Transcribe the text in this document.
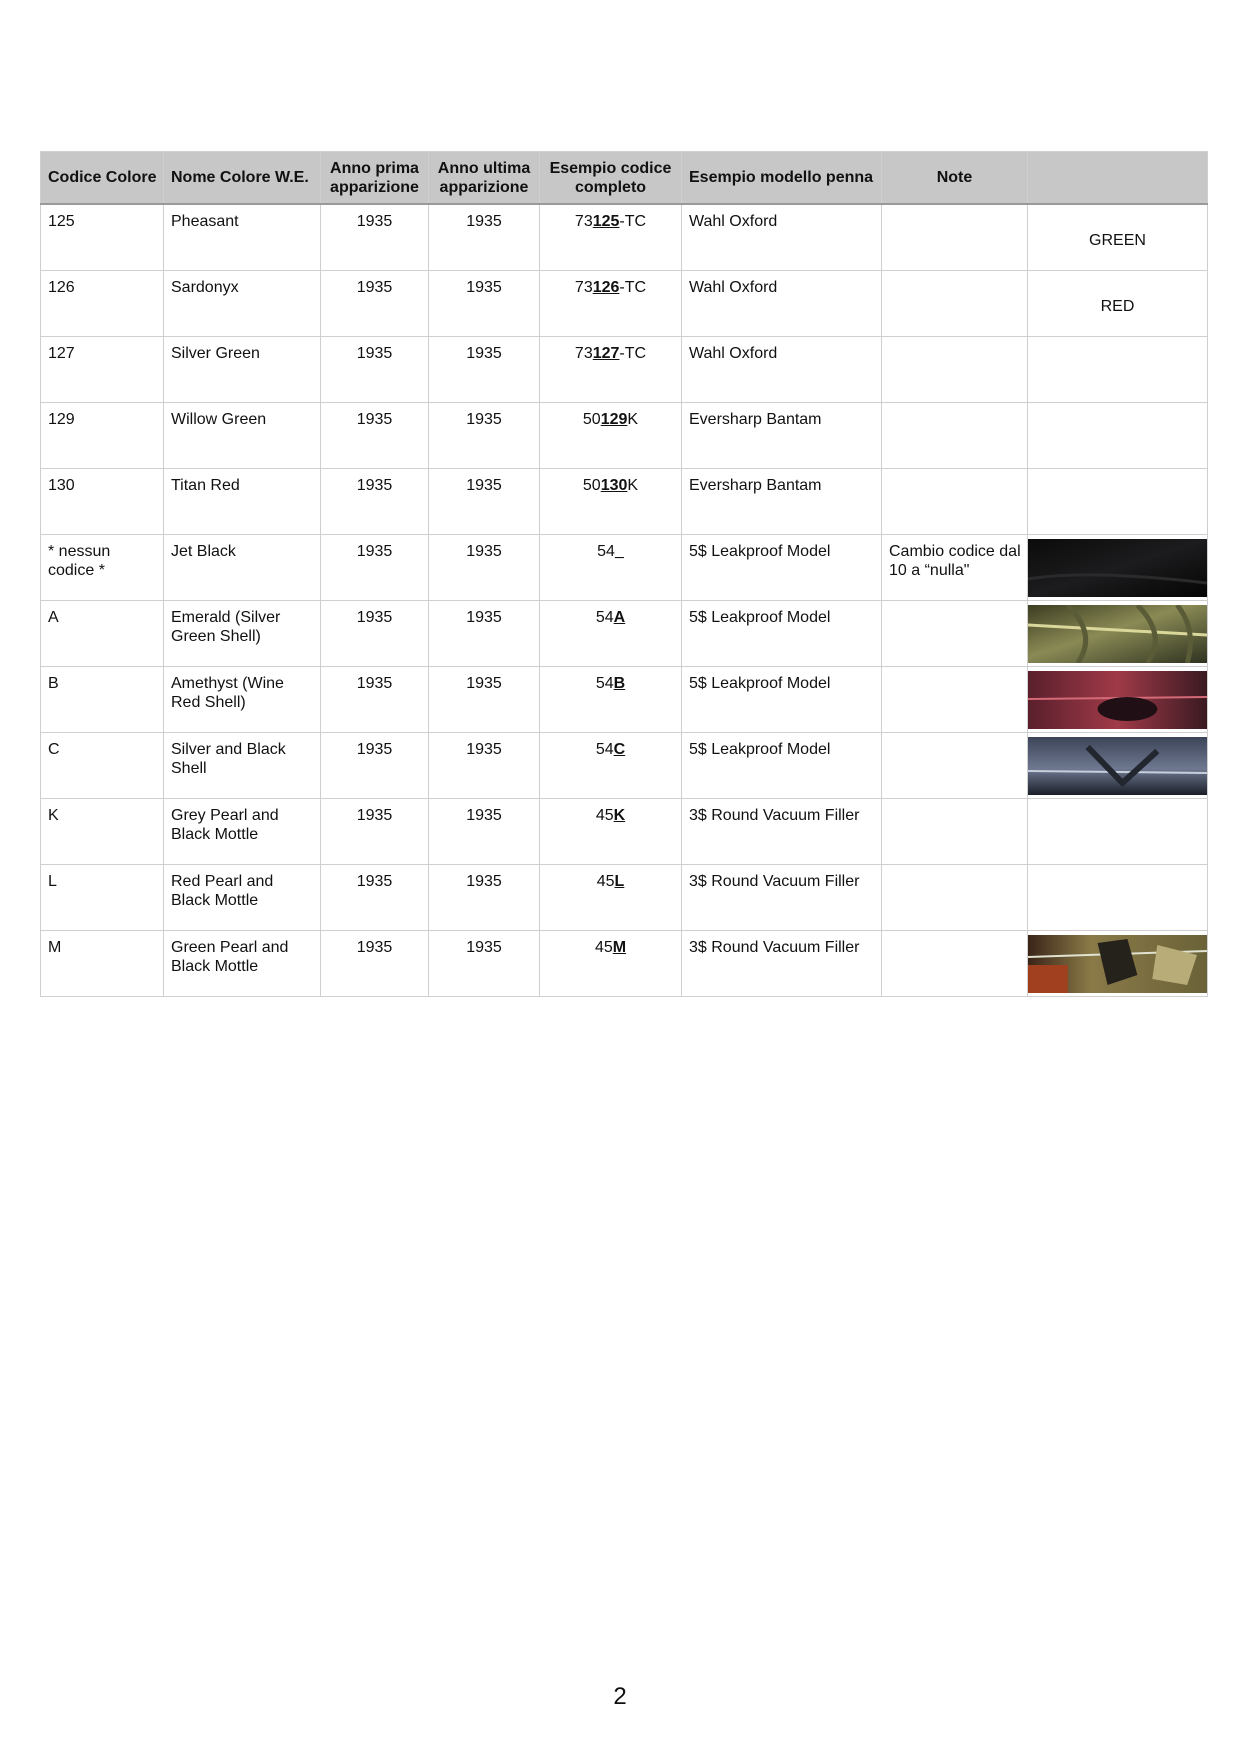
Codice Colore	Nome Colore W.E.	Anno prima apparizione	Anno ultima apparizione	Esempio codice completo	Esempio modello penna	Note	
125	Pheasant	1935	1935	73125-TC	Wahl Oxford		GREEN

126	Sardonyx	1935	1935	73126-TC	Wahl Oxford		RED

127	Silver Green	1935	1935	73127-TC	Wahl Oxford		

129	Willow Green	1935	1935	50129K	Eversharp Bantam		

130	Titan Red	1935	1935	50130K	Eversharp Bantam		

* nessun codice *	Jet Black	1935	1935	54_	5$ Leakproof Model	Cambio codice dal 10 a “nulla"	

A	Emerald (Silver Green Shell)	1935	1935	54A	5$ Leakproof Model		

B	Amethyst (Wine Red Shell)	1935	1935	54B	5$ Leakproof Model		

C	Silver and Black Shell	1935	1935	54C	5$ Leakproof Model		

K	Grey Pearl and Black Mottle	1935	1935	45K	3$ Round Vacuum Filler		
L	Red Pearl and Black Mottle	1935	1935	45L	3$ Round Vacuum Filler		
M	Green Pearl and Black Mottle	1935	1935	45M	3$ Round Vacuum Filler		
2
